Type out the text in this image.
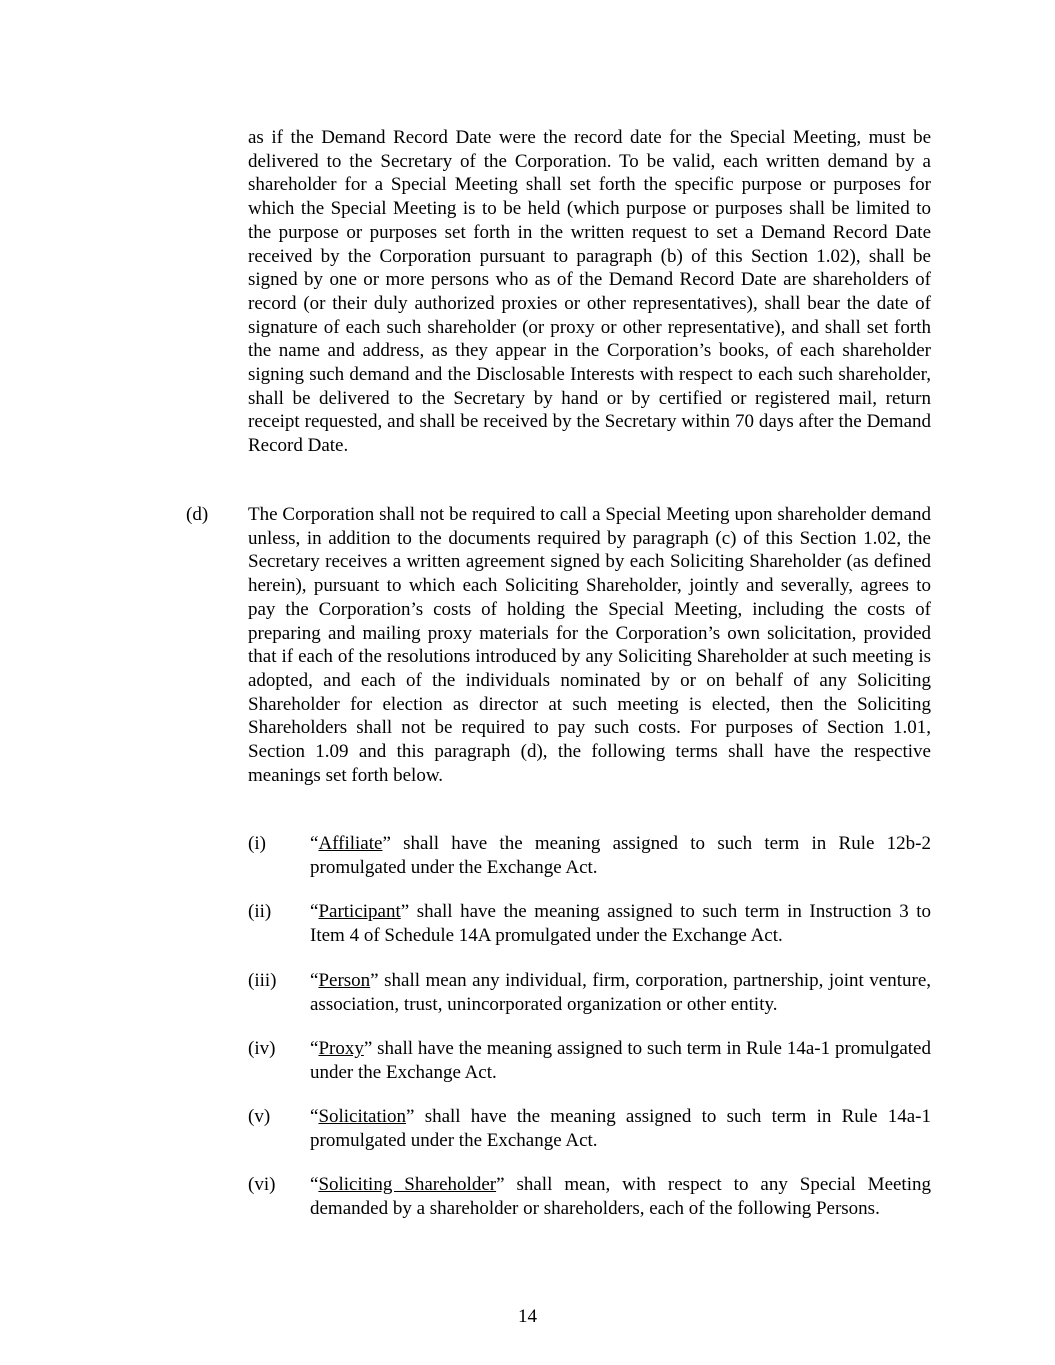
as if the Demand Record Date were the record date for the Special Meeting, must be delivered to the Secretary of the Corporation. To be valid, each written demand by a shareholder for a Special Meeting shall set forth the specific purpose or purposes for which the Special Meeting is to be held (which purpose or purposes shall be limited to the purpose or purposes set forth in the written request to set a Demand Record Date received by the Corporation pursuant to paragraph (b) of this Section 1.02), shall be signed by one or more persons who as of the Demand Record Date are shareholders of record (or their duly authorized proxies or other representatives), shall bear the date of signature of each such shareholder (or proxy or other representative), and shall set forth the name and address, as they appear in the Corporation’s books, of each shareholder signing such demand and the Disclosable Interests with respect to each such shareholder, shall be delivered to the Secretary by hand or by certified or registered mail, return receipt requested, and shall be received by the Secretary within 70 days after the Demand Record Date.

(d) The Corporation shall not be required to call a Special Meeting upon shareholder demand unless, in addition to the documents required by paragraph (c) of this Section 1.02, the Secretary receives a written agreement signed by each Soliciting Shareholder (as defined herein), pursuant to which each Soliciting Shareholder, jointly and severally, agrees to pay the Corporation’s costs of holding the Special Meeting, including the costs of preparing and mailing proxy materials for the Corporation’s own solicitation, provided that if each of the resolutions introduced by any Soliciting Shareholder at such meeting is adopted, and each of the individuals nominated by or on behalf of any Soliciting Shareholder for election as director at such meeting is elected, then the Soliciting Shareholders shall not be required to pay such costs. For purposes of Section 1.01, Section 1.09 and this paragraph (d), the following terms shall have the respective meanings set forth below.

(i) “Affiliate” shall have the meaning assigned to such term in Rule 12b-2 promulgated under the Exchange Act.
(ii) “Participant” shall have the meaning assigned to such term in Instruction 3 to Item 4 of Schedule 14A promulgated under the Exchange Act.
(iii) “Person” shall mean any individual, firm, corporation, partnership, joint venture, association, trust, unincorporated organization or other entity.
(iv) “Proxy” shall have the meaning assigned to such term in Rule 14a-1 promulgated under the Exchange Act.
(v) “Solicitation” shall have the meaning assigned to such term in Rule 14a-1 promulgated under the Exchange Act.
(vi) “Soliciting Shareholder” shall mean, with respect to any Special Meeting demanded by a shareholder or shareholders, each of the following Persons.
14
